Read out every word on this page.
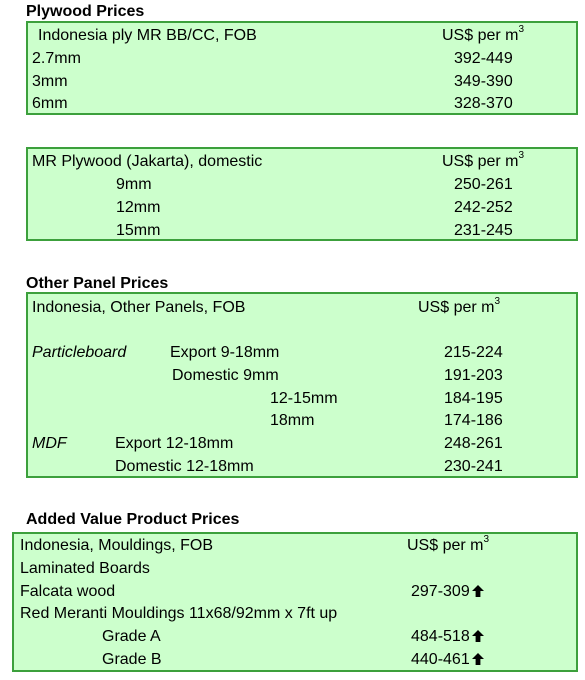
Plywood Prices
Indonesia ply MR BB/CC, FOB	US$ per $m^3$
2.7mm	392-449
3mm	349-390
6mm	328-370
MR Plywood (Jakarta), domestic	US$ per $m^3$
9mm	250-261
12mm	242-252
15mm	231-245
Other Panel Prices
Indonesia, Other Panels, FOB	US$ per $m^3$
Particleboard	Export 9-18mm	215-224
Domestic 9mm	191-203
12-15mm	184-195
18mm	174-186
MDF	Export 12-18mm	248-261
Domestic 12-18mm	230-241
Added Value Product Prices
Indonesia, Mouldings, FOB	US$ per $m^3$
Laminated Boards
Falcata wood	297-309
Red Meranti Mouldings 11x68/92mm x 7ft up
Grade A	484-518
Grade B	440-461
